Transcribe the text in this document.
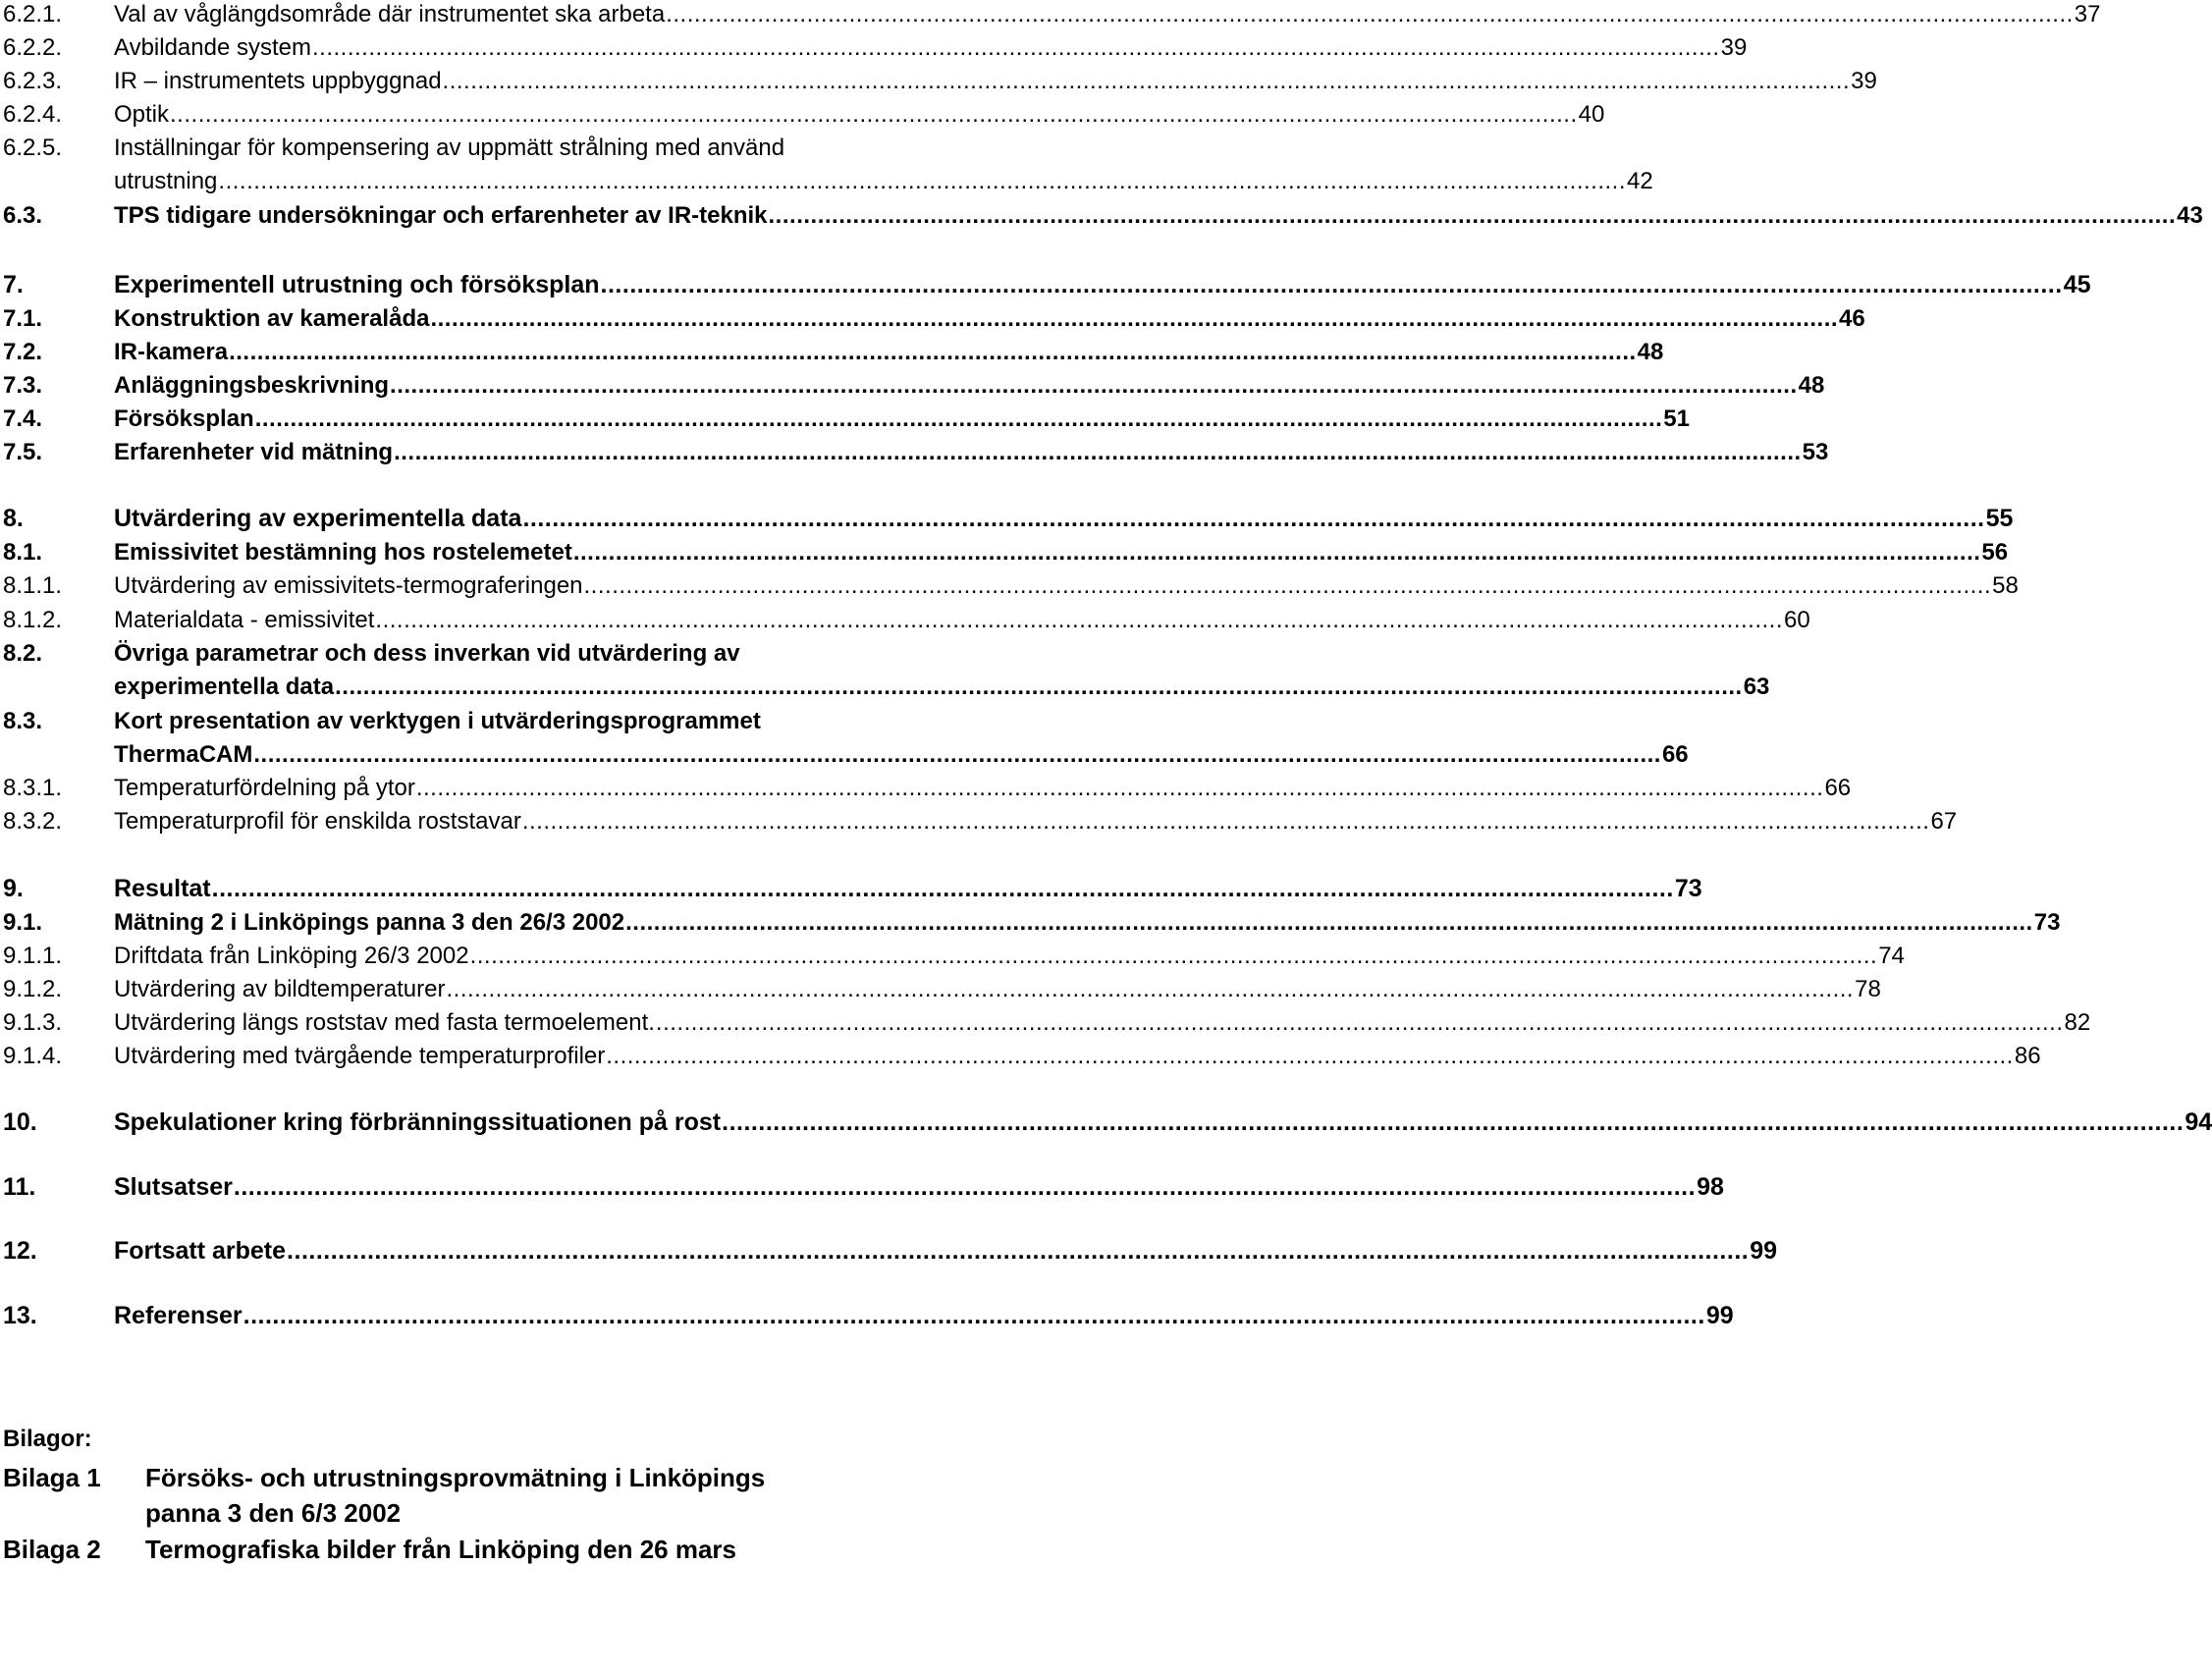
6.2.1. Val av våglängdsområde där instrumentet ska arbeta ........................................................................................................................................................................................................ 37
6.2.2. Avbildande system ........................................................................................................................................................................................................ 39
6.2.3. IR – instrumentets uppbyggnad ........................................................................................................................................................................................................ 39
6.2.4. Optik ........................................................................................................................................................................................................ 40
6.2.5. Inställningar för kompensering av uppmätt strålning med använd
utrustning ........................................................................................................................................................................................................ 42
6.3.	TPS tidigare undersökningar och erfarenheter av IR-teknik ........................................................................................................................................................................................................ 43
7.	Experimentell utrustning och försöksplan ........................................................................................................................................................................................................ 45
7.1.	Konstruktion av kameralåda ........................................................................................................................................................................................................ 46
7.2.	IR-kamera ........................................................................................................................................................................................................ 48
7.3.	Anläggningsbeskrivning ........................................................................................................................................................................................................ 48
7.4.	Försöksplan ........................................................................................................................................................................................................ 51
7.5.	Erfarenheter vid mätning ........................................................................................................................................................................................................ 53
8.	Utvärdering av experimentella data ........................................................................................................................................................................................................ 55
8.1.	Emissivitet bestämning hos rostelemetet ........................................................................................................................................................................................................ 56
8.1.1. Utvärdering av emissivitets-termograferingen ........................................................................................................................................................................................................ 58
8.1.2. Materialdata - emissivitet ........................................................................................................................................................................................................ 60
8.2.	Övriga parametrar och dess inverkan vid utvärdering av
experimentella data ........................................................................................................................................................................................................ 63
8.3.	Kort presentation av verktygen i utvärderingsprogrammet
ThermaCAM ........................................................................................................................................................................................................ 66
8.3.1. Temperaturfördelning på ytor ........................................................................................................................................................................................................ 66
8.3.2. Temperaturprofil för enskilda roststavar ........................................................................................................................................................................................................ 67
9.	Resultat ........................................................................................................................................................................................................ 73
9.1.	Mätning 2 i Linköpings panna 3 den 26/3 2002 ........................................................................................................................................................................................................ 73
9.1.1. Driftdata från Linköping 26/3 2002 ........................................................................................................................................................................................................ 74
9.1.2. Utvärdering av bildtemperaturer ........................................................................................................................................................................................................ 78
9.1.3. Utvärdering längs roststav med fasta termoelement. ........................................................................................................................................................................................................ 82
9.1.4. Utvärdering med tvärgående temperaturprofiler ........................................................................................................................................................................................................ 86
10.	Spekulationer kring förbränningssituationen på rost ........................................................................................................................................................................................................ 94
11.	Slutsatser ........................................................................................................................................................................................................ 98
12.	Fortsatt arbete ........................................................................................................................................................................................................ 99
13.	Referenser ........................................................................................................................................................................................................ 99
Bilagor:
Bilaga 1 Försöks- och utrustningsprovmätning i Linköpings
panna 3 den 6/3 2002
Bilaga 2 Termografiska bilder från Linköping den 26 mars
